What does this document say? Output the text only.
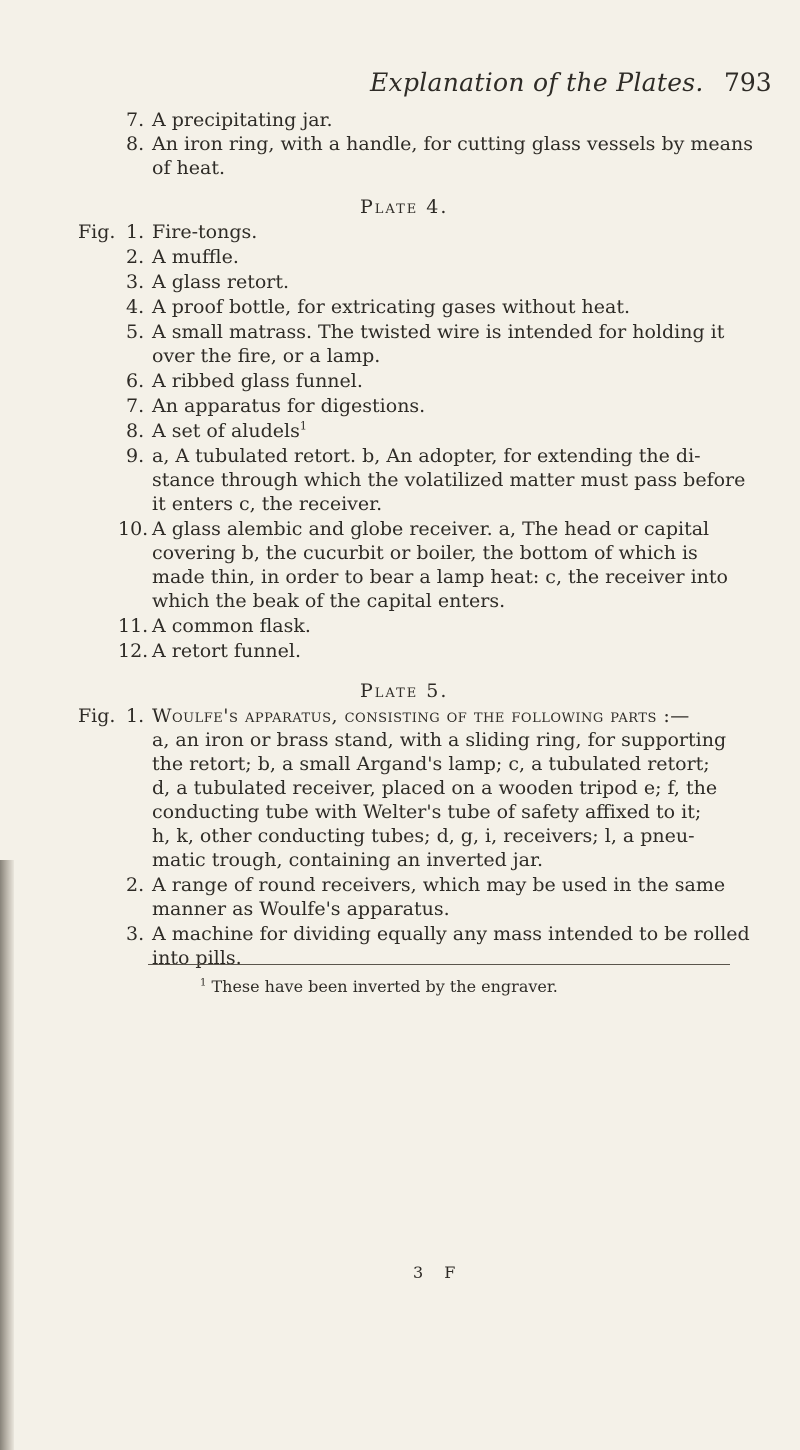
Explanation of the Plates. 793
7. A precipitating jar.
8. An iron ring, with a handle, for cutting glass vessels by means
of heat.
Plate 4.
Fig. 1. Fire-tongs.
2. A muffle.
3. A glass retort.
4. A proof bottle, for extricating gases without heat.
5. A small matrass. The twisted wire is intended for holding it
over the fire, or a lamp.
6. A ribbed glass funnel.
7. An apparatus for digestions.
8. A set of aludels$^1$
9. a, A tubulated retort. b, An adopter, for extending the di-
stance through which the volatilized matter must pass before
it enters c, the receiver.
10. A glass alembic and globe receiver. a, The head or capital
covering b, the cucurbit or boiler, the bottom of which is
made thin, in order to bear a lamp heat: c, the receiver into
which the beak of the capital enters.
11. A common flask.
12. A retort funnel.
Plate 5.
Fig. 1. Woulfe's apparatus, consisting of the following parts :—
a, an iron or brass stand, with a sliding ring, for supporting
the retort; b, a small Argand's lamp; c, a tubulated retort;
d, a tubulated receiver, placed on a wooden tripod e; f, the
conducting tube with Welter's tube of safety affixed to it;
h, k, other conducting tubes; d, g, i, receivers; l, a pneu-
matic trough, containing an inverted jar.
2. A range of round receivers, which may be used in the same
manner as Woulfe's apparatus.
3. A machine for dividing equally any mass intended to be rolled
into pills.
$^1$ These have been inverted by the engraver.
3 F
